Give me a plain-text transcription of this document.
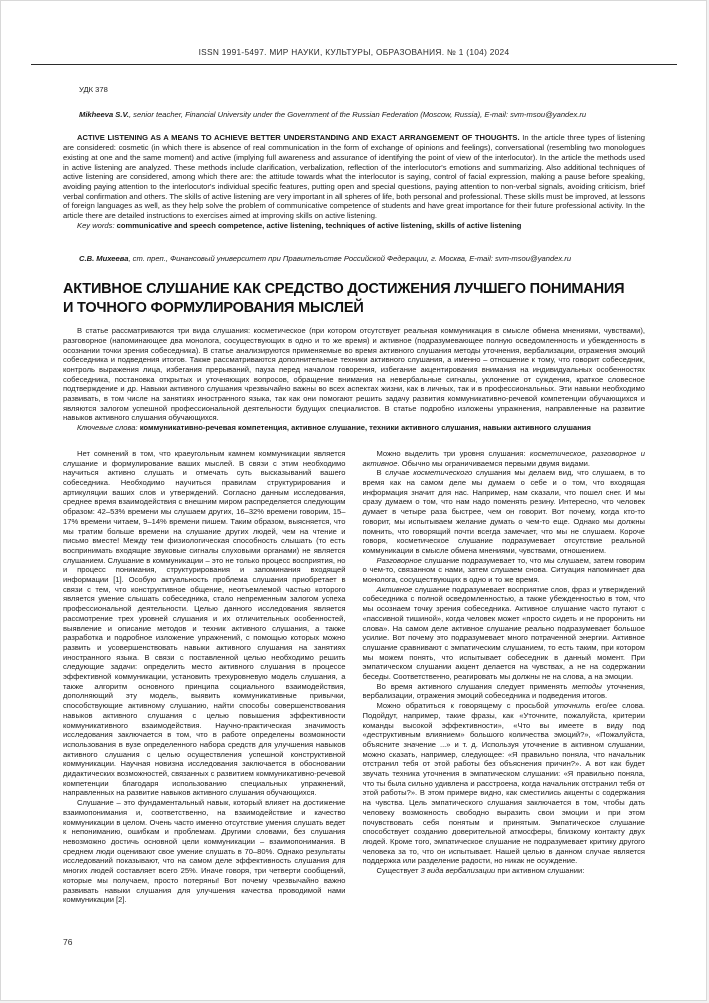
ISSN 1991-5497. МИР НАУКИ, КУЛЬТУРЫ, ОБРАЗОВАНИЯ. № 1 (104) 2024
УДК 378
Mikheeva S.V., senior teacher, Financial University under the Government of the Russian Federation (Moscow, Russia), E-mail: svm-msou@yandex.ru

ACTIVE LISTENING AS A MEANS TO ACHIEVE BETTER UNDERSTANDING AND EXACT ARRANGEMENT OF THOUGHTS. In the article three types of listening are considered: cosmetic (in which there is absence of real communication in the form of exchange of opinions and feelings), conversational (resembling two monologues existing at one and the same moment) and active (implying full awareness and assurance of identifying the point of view of the interlocutor). In the article the methods used in active listening are analyzed. These methods include clarification, verbalization, reflection of the interlocutor's emotions and summarizing. Also additional techniques of active listening are considered, among which there are: the attitude towards what the interlocutor is saying, control of facial expression, making a pause before speaking, avoiding paying attention to the interlocutor's individual specific features, putting open and special questions, paying attention to non-verbal signals, avoiding criticism, brief verbal confirmation and others. The skills of active listening are very important in all spheres of life, both personal and professional. These skills must be improved, at lessons of foreign languages as well, as they help solve the problem of communicative competence of students and have great importance for their future professional activity. In the article there are detailed instructions to exercises aimed at improving skills on active listening.

Key words: communicative and speech competence, active listening, techniques of active listening, skills of active listening

С.В. Михеева, ст. преп., Финансовый университет при Правительстве Российской Федерации, г. Москва, E-mail: svm-msou@yandex.ru
АКТИВНОЕ СЛУШАНИЕ КАК СРЕДСТВО ДОСТИЖЕНИЯ ЛУЧШЕГО ПОНИМАНИЯ
И ТОЧНОГО ФОРМУЛИРОВАНИЯ МЫСЛЕЙ

В статье рассматриваются три вида слушания: косметическое (при котором отсутствует реальная коммуникация в смысле обмена мнениями, чувствами), разговорное (напоминающее два монолога, сосуществующих в одно и то же время) и активное (подразумевающее полную осведомленность и убежденность в осознании точки зрения собеседника). В статье анализируются применяемые во время активного слушания методы уточнения, вербализации, отражения эмоций собеседника и подведения итогов. Также рассматриваются дополнительные техники активного слушания, а именно – отношение к тому, что говорит собеседник, контроль выражения лица, избегания прерываний, пауза перед началом говорения, избегание акцентирования внимания на индивидуальных особенностях собеседника, постановка открытых и уточняющих вопросов, обращение внимания на невербальные сигналы, уклонение от суждения, краткое словесное подтверждение и др. Навыки активного слушания чрезвычайно важны во всех аспектах жизни, как в личных, так и в профессиональных. Эти навыки необходимо развивать, в том числе на занятиях иностранного языка, так как они помогают решить задачу развития коммуникативно-речевой компетенции обучающихся и являются залогом успешной профессиональной деятельности будущих специалистов. В статье подробно изложены упражнения, направленные на развитие навыков активного слушания обучающихся.

Ключевые слова: коммуникативно-речевая компетенция, активное слушание, техники активного слушания, навыки активного слушания

Нет сомнений в том, что краеугольным камнем коммуникации является слушание и формулирование ваших мыслей. В связи с этим необходимо научиться активно слушать и отмечать суть высказываний вашего собеседника. Необходимо научиться правилам структурирования и артикуляции ваших слов и утверждений. Согласно данным исследования, среднее время взаимодействия с внешним миром распределяется следующим образом: 42–53% времени мы слушаем других, 16–32% времени говорим, 15–17% времени читаем, 9–14% времени пишем. Таким образом, выясняется, что мы тратим больше времени на слушание других людей, чем на чтение и письмо вместе! Между тем физиологическая способность слышать (то есть воспринимать входящие звуковые сигналы слуховыми органами) не является слушанием. Слушание в коммуникации – это не только процесс восприятия, но и процесс понимания, структурирования и запоминания входящей информации [1]. Особую актуальность проблема слушания приобретает в связи с тем, что конструктивное общение, неотъемлемой частью которого является умение слышать собеседника, стало непременным залогом успеха профессиональной деятельности. Целью данного исследования является рассмотрение трех уровней слушания и их отличительных особенностей, выявление и описание методов и техник активного слушания, а также разработка и подробное изложение упражнений, с помощью которых можно развить и усовершенствовать навыки активного слушания на занятиях иностранного языка. В связи с поставленной целью необходимо решить следующие задачи: определить место активного слушания в процессе эффективной коммуникации, установить трехуровневую модель слушания, а также алгоритм основного принципа социального взаимодействия, дополняющий эту модель, выявить коммуникативные привычки, способствующие активному слушанию, найти способы совершенствования навыков активного слушания с целью повышения эффективности коммуникативного взаимодействия. Научно-практическая значимость исследования заключается в том, что в работе определены возможности использования в вузе определенного набора средств для улучшения навыков активного слушания с целью осуществления успешной конструктивной коммуникации. Научная новизна исследования заключается в обосновании дидактических возможностей, связанных с развитием коммуникативно-речевой компетенции благодаря использованию специальных упражнений, направленных на развитие навыков активного слушания обучающихся.

Слушание – это фундаментальный навык, который влияет на достижение взаимопонимания и, соответственно, на взаимодействие и качество коммуникации в целом. Очень часто именно отсутствие умения слушать ведет к непониманию, ошибкам и проблемам. Другими словами, без слушания невозможно достичь основной цели коммуникации – взаимопонимания. В среднем люди оценивают свое умение слушать в 70–80%. Однако результаты исследований показывают, что на самом деле эффективность слушания для многих людей составляет всего 25%. Иначе говоря, три четверти сообщений, которые мы получаем, просто потеряны! Вот почему чрезвычайно важно развивать навыки слушания для улучшения качества проводимой нами коммуникации [2].

Можно выделить три уровня слушания: косметическое, разговорное и активное. Обычно мы ограничиваемся первыми двумя видами.

В случае косметического слушания мы делаем вид, что слушаем, в то время как на самом деле мы думаем о себе и о том, что входящая информация значит для нас. Например, нам сказали, что пошел снег. И мы сразу думаем о том, что нам надо поменять резину. Интересно, что человек думает в четыре раза быстрее, чем он говорит. Вот почему, когда кто-то говорит, мы испытываем желание думать о чем-то еще. Однако мы должны помнить, что говорящий почти всегда замечает, что мы не слушаем. Короче говоря, косметическое слушание подразумевает отсутствие реальной коммуникации в смысле обмена мнениями, чувствами, отношением.

Разговорное слушание подразумевает то, что мы слушаем, затем говорим о чем-то, связанном с нами, затем слушаем снова. Ситуация напоминает два монолога, сосуществующих в одно и то же время.

Активное слушание подразумевает восприятие слов, фраз и утверждений собеседника с полной осведомленностью, а также убежденностью в том, что мы осознаем точку зрения собеседника. Активное слушание часто путают с «пассивной тишиной», когда человек может «просто сидеть и не проронить ни слова». На самом деле активное слушание реально подразумевает большое усилие. Вот почему это подразумевает много потраченной энергии. Активное слушание сравнивают с эмпатическим слушанием, то есть таким, при котором мы можем понять, что испытывает собеседник в данный момент. При эмпатическом слушании акцент делается на чувствах, а не на содержании беседы. Соответственно, реагировать мы должны не на слова, а на эмоции.

Во время активного слушания следует применять методы уточнения, вербализации, отражения эмоций собеседника и подведения итогов.

Можно обратиться к говорящему с просьбой уточнить его/ее слова. Подойдут, например, такие фразы, как «Уточните, пожалуйста, критерии команды высокой эффективности», «Что вы имеете в виду под «деструктивным влиянием» большого количества эмоций?», «Пожалуйста, объясните значение ...» и т. д. Используя уточнение в активном слушании, можно сказать, например, следующее: «Я правильно поняла, что начальник отстранил тебя от этой работы без объяснения причин?». А вот как будет звучать техника уточнения в эмпатическом слушании: «Я правильно поняла, что ты была сильно удивлена и расстроена, когда начальник отстранил тебя от этой работы?». В этом примере видно, как сместились акценты с содержания на чувства. Цель эмпатического слушания заключается в том, чтобы дать человеку возможность свободно выразить свои эмоции и при этом почувствовать себя понятым и принятым. Эмпатическое слушание способствует созданию доверительной атмосферы, близкому контакту двух людей. Кроме того, эмпатическое слушание не подразумевает критику другого человека за то, что он испытывает. Нашей целью в данном случае является поддержка или разделение радости, но никак не осуждение.

Существует 3 вида вербализации при активном слушании:

76
